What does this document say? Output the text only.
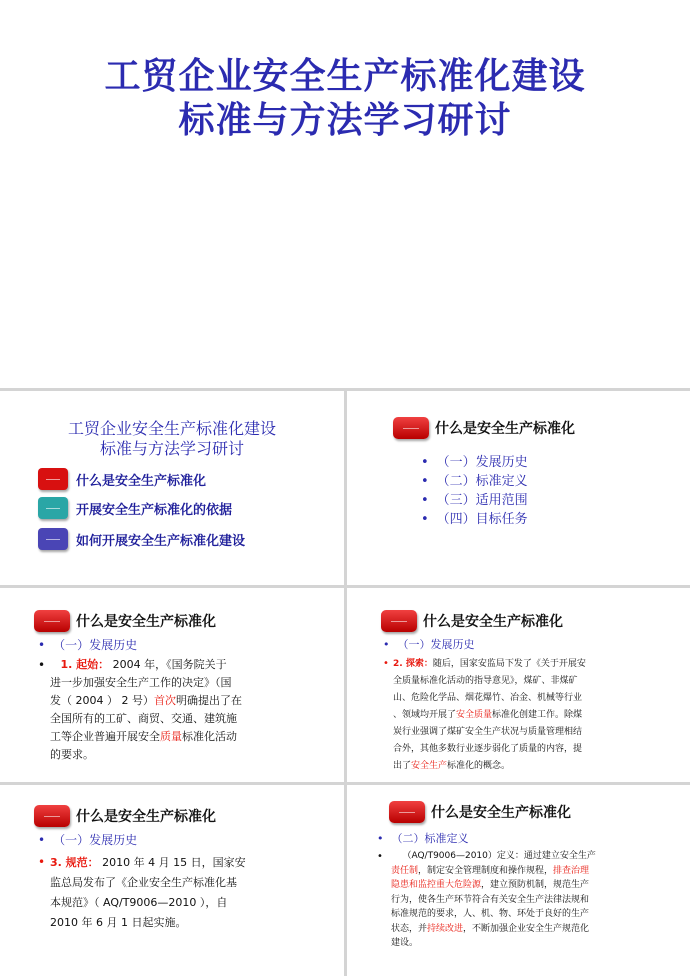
工贸企业安全生产标准化建设
标准与方法学习研讨
工贸企业安全生产标准化建设
标准与方法学习研讨
什么是安全生产标准化
开展安全生产标准化的依据
如何开展安全生产标准化建设
什么是安全生产标准化
• （一）发展历史
• （二）标准定义
• （三）适用范围
• （四）目标任务
什么是安全生产标准化
• （一）发展历史
•	1. 起始： 2004 年，《国务院关于
进一步加强安全生产工作的决定》（国
发（ 2004 ） 2 号）首次明确提出了在
全国所有的工矿、商贸、交通、建筑施
工等企业普遍开展安全质量标准化活动
的要求。
什么是安全生产标准化
• （一）发展历史
• 2. 探索：随后，国家安监局下发了《关于开展安
全质量标准化活动的指导意见》，煤矿、非煤矿
山、危险化学品、烟花爆竹、冶金、机械等行业
、领域均开展了安全质量标准化创建工作。除煤
炭行业强调了煤矿安全生产状况与质量管理相结
合外，其他多数行业逐步弱化了质量的内容，提
出了安全生产标准化的概念。
什么是安全生产标准化
• （一）发展历史
• 3. 规范： 2010 年 4 月 15 日，国家安
监总局发布了《企业安全生产标准化基
本规范》（ AQ/T9006—2010 ），自
2010 年 6 月 1 日起实施。
什么是安全生产标准化
• （二）标准定义
•	（AQ/T9006—2010）定义：通过建立安全生产
责任制，制定安全管理制度和操作规程，排查治理
隐患和监控重大危险源，建立预防机制，规范生产
行为，使各生产环节符合有关安全生产法律法规和
标准规范的要求，人、机、物、环处于良好的生产
状态，并持续改进，不断加强企业安全生产规范化
建设。
